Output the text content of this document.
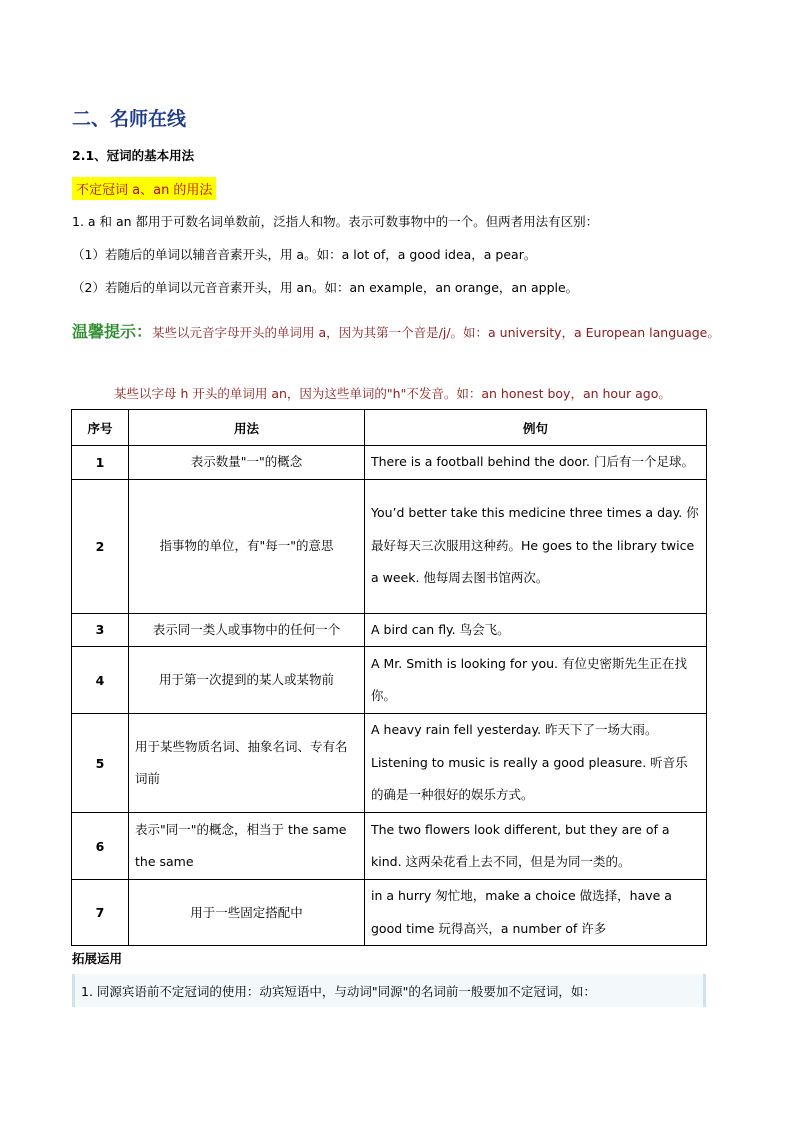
二、名师在线
2.1、冠词的基本用法
不定冠词 a、an 的用法
1. a 和 an 都用于可数名词单数前，泛指人和物。表示可数事物中的一个。但两者用法有区别：
（1）若随后的单词以辅音音素开头，用 a。如：a lot of，a good idea，a pear。
（2）若随后的单词以元音音素开头，用 an。如：an example，an orange，an apple。
温馨提示：某些以元音字母开头的单词用 a，因为其第一个音是/j/。如：a university，a European language。
某些以字母 h 开头的单词用 an，因为这些单词的"h"不发音。如：an honest boy，an hour ago。
序号	用法	例句
1	表示数量"一"的概念	There is a football behind the door. 门后有一个足球。
2	指事物的单位，有"每一"的意思	You’d better take this medicine three times a day. 你最好每天三次服用这种药。He goes to the library twice a week. 他每周去图书馆两次。
3	表示同一类人或事物中的任何一个	A bird can fly. 鸟会飞。
4	用于第一次提到的某人或某物前	A Mr. Smith is looking for you. 有位史密斯先生正在找你。
5	用于某些物质名词、抽象名词、专有名词前	A heavy rain fell yesterday. 昨天下了一场大雨。Listening to music is really a good pleasure. 听音乐的确是一种很好的娱乐方式。
6	表示"同一"的概念，相当于 the same the same	The two flowers look different, but they are of a kind. 这两朵花看上去不同，但是为同一类的。
7	用于一些固定搭配中	in a hurry 匆忙地，make a choice 做选择，have a good time 玩得高兴，a number of 许多
拓展运用
1. 同源宾语前不定冠词的使用：动宾短语中，与动词"同源"的名词前一般要加不定冠词，如：
